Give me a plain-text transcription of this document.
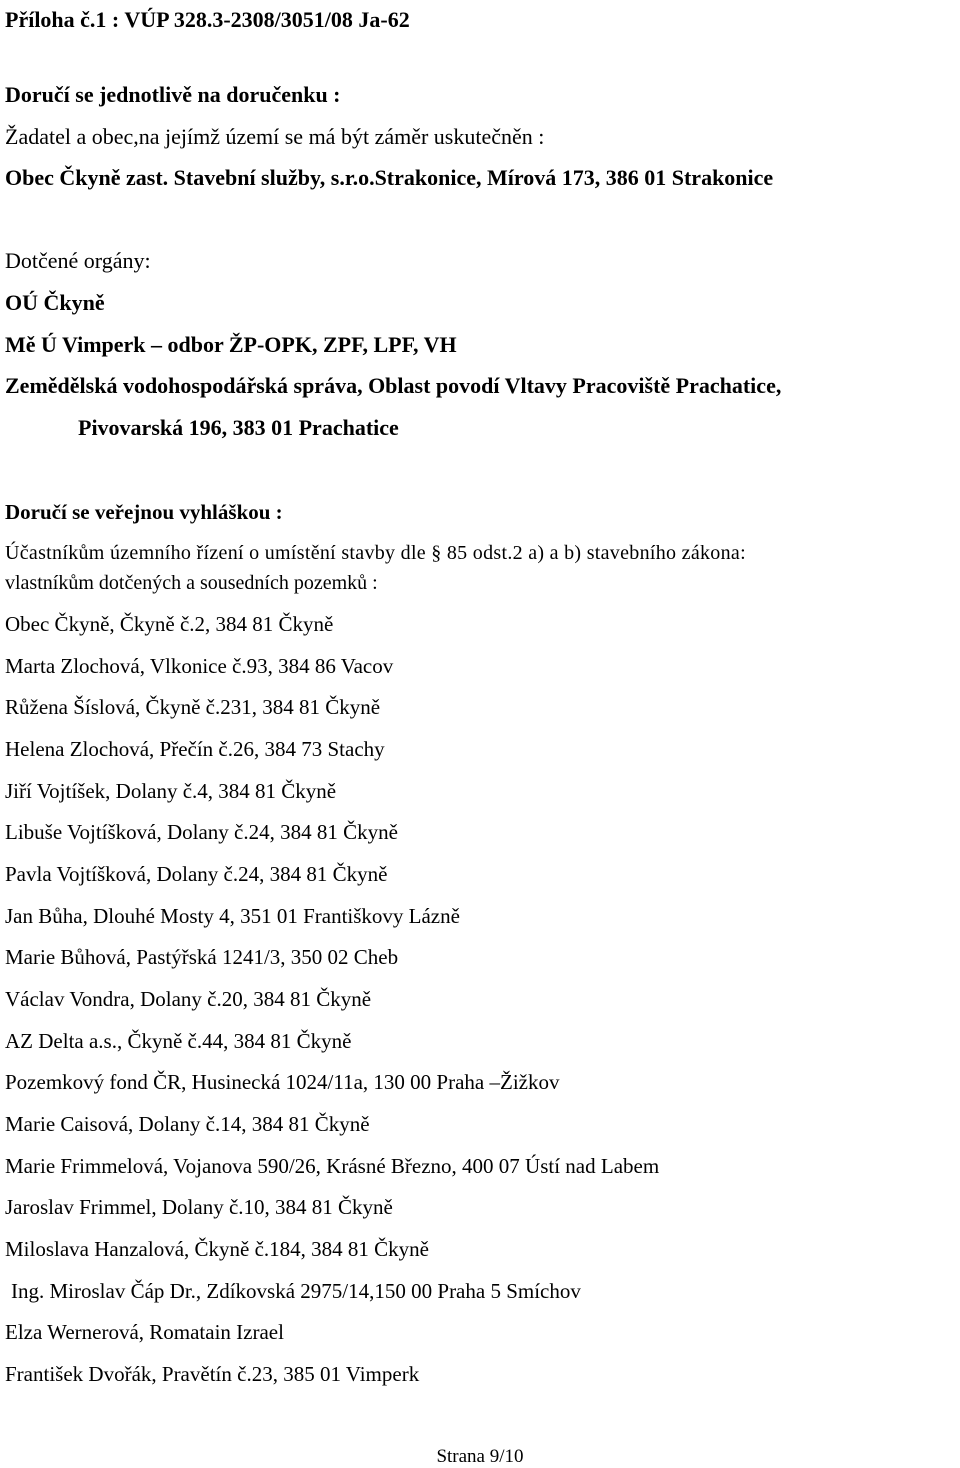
Příloha č.1 : VÚP 328.3-2308/3051/08 Ja-62
Doručí se jednotlivě na doručenku :
Žadatel a obec,na jejímž území se má být záměr uskutečněn :
Obec Čkyně zast. Stavební služby, s.r.o.Strakonice, Mírová 173, 386 01 Strakonice
Dotčené orgány:
OÚ Čkyně
Mě Ú Vimperk – odbor ŽP-OPK, ZPF, LPF, VH
Zemědělská vodohospodářská správa, Oblast povodí Vltavy Pracoviště Prachatice,
Pivovarská 196, 383 01 Prachatice
Doručí se veřejnou vyhláškou :
Účastníkům územního řízení o umístění stavby dle § 85 odst.2 a) a b) stavebního zákona:
vlastníkům dotčených a sousedních pozemků :
Obec Čkyně, Čkyně č.2, 384 81 Čkyně
Marta Zlochová, Vlkonice č.93, 384 86 Vacov
Růžena Šíslová, Čkyně č.231, 384 81 Čkyně
Helena Zlochová, Přečín č.26, 384 73 Stachy
Jiří Vojtíšek, Dolany č.4, 384 81 Čkyně
Libuše Vojtíšková, Dolany č.24, 384 81 Čkyně
Pavla Vojtíšková, Dolany č.24, 384 81 Čkyně
Jan Bůha, Dlouhé Mosty 4, 351 01 Františkovy Lázně
Marie Bůhová, Pastýřská 1241/3, 350 02 Cheb
Václav Vondra, Dolany č.20, 384 81 Čkyně
AZ Delta a.s., Čkyně č.44, 384 81 Čkyně
Pozemkový fond ČR, Husinecká 1024/11a, 130 00 Praha –Žižkov
Marie Caisová, Dolany č.14, 384 81 Čkyně
Marie Frimmelová, Vojanova 590/26, Krásné Březno, 400 07 Ústí nad Labem
Jaroslav Frimmel, Dolany č.10, 384 81 Čkyně
Miloslava Hanzalová, Čkyně č.184, 384 81 Čkyně
Ing. Miroslav Čáp Dr., Zdíkovská 2975/14,150 00 Praha 5 Smíchov
Elza Wernerová, Romatain Izrael
František Dvořák, Pravětín č.23, 385 01 Vimperk
Strana 9/10
